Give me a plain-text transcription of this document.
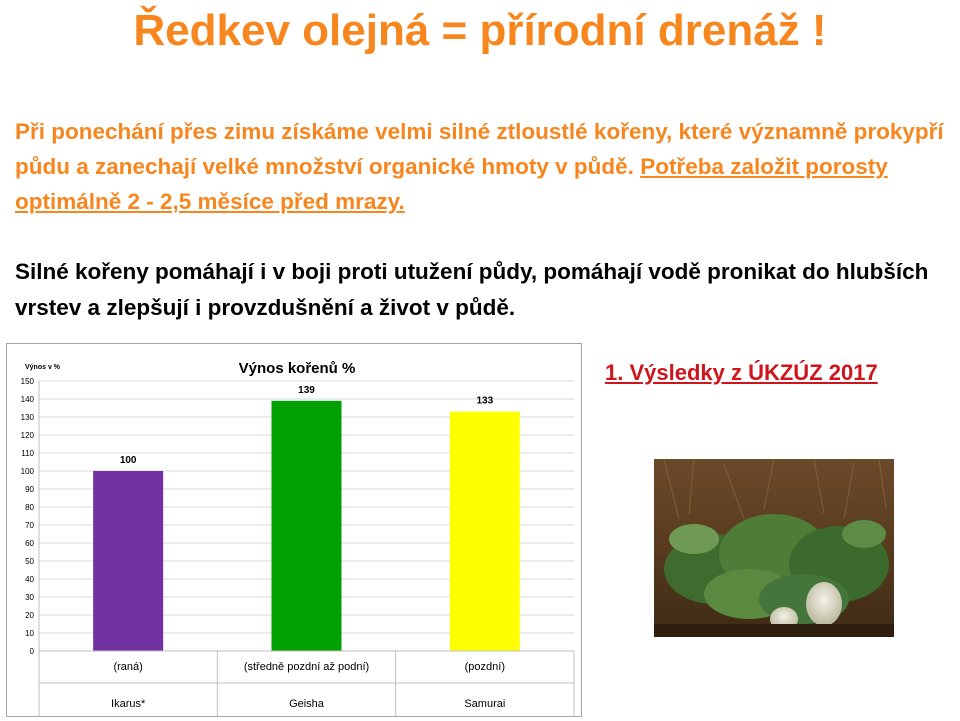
Ředkev olejná = přírodní drenáž !
Při ponechání přes zimu získáme velmi silné ztloustlé kořeny, které významně prokypří půdu a zanechají velké množství organické hmoty v půdě. Potřeba založit porosty optimálně 2 - 2,5 měsíce před mrazy.
Silné kořeny pomáhají i v boji proti utužení půdy, pomáhají vodě pronikat do hlubších vrstev a zlepšují i provzdušnění a život v půdě.
1. Výsledky z ÚKZÚZ 2017
0
10
20
30
40
50
60
70
80
90
100
110
120
130
140
150
100
139
133
(raná)
Ikarus*
(středně pozdní až podní)
Geisha
(pozdní)
Samurai
Výnos kořenů %
Výnos v %
